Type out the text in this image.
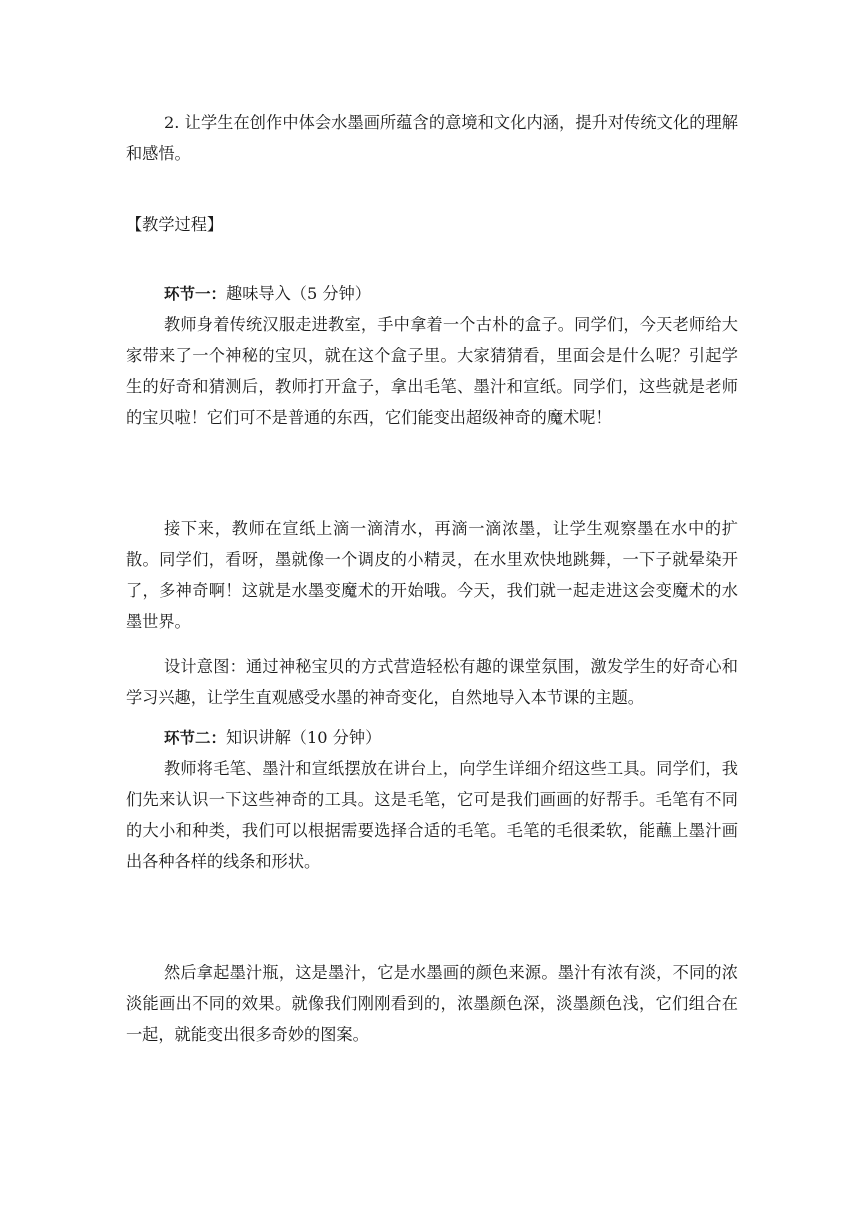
2. 让学生在创作中体会水墨画所蕴含的意境和文化内涵，提升对传统文化的理解和感悟。

【教学过程】

环节一：趣味导入（5 分钟）

教师身着传统汉服走进教室，手中拿着一个古朴的盒子。同学们，今天老师给大家带来了一个神秘的宝贝，就在这个盒子里。大家猜猜看，里面会是什么呢？引起学生的好奇和猜测后，教师打开盒子，拿出毛笔、墨汁和宣纸。同学们，这些就是老师的宝贝啦！它们可不是普通的东西，它们能变出超级神奇的魔术呢！

接下来，教师在宣纸上滴一滴清水，再滴一滴浓墨，让学生观察墨在水中的扩散。同学们，看呀，墨就像一个调皮的小精灵，在水里欢快地跳舞，一下子就晕染开了，多神奇啊！这就是水墨变魔术的开始哦。今天，我们就一起走进这会变魔术的水墨世界。

设计意图：通过神秘宝贝的方式营造轻松有趣的课堂氛围，激发学生的好奇心和学习兴趣，让学生直观感受水墨的神奇变化，自然地导入本节课的主题。

环节二：知识讲解（10 分钟）

教师将毛笔、墨汁和宣纸摆放在讲台上，向学生详细介绍这些工具。同学们，我们先来认识一下这些神奇的工具。这是毛笔，它可是我们画画的好帮手。毛笔有不同的大小和种类，我们可以根据需要选择合适的毛笔。毛笔的毛很柔软，能蘸上墨汁画出各种各样的线条和形状。

然后拿起墨汁瓶，这是墨汁，它是水墨画的颜色来源。墨汁有浓有淡，不同的浓淡能画出不同的效果。就像我们刚刚看到的，浓墨颜色深，淡墨颜色浅，它们组合在一起，就能变出很多奇妙的图案。
